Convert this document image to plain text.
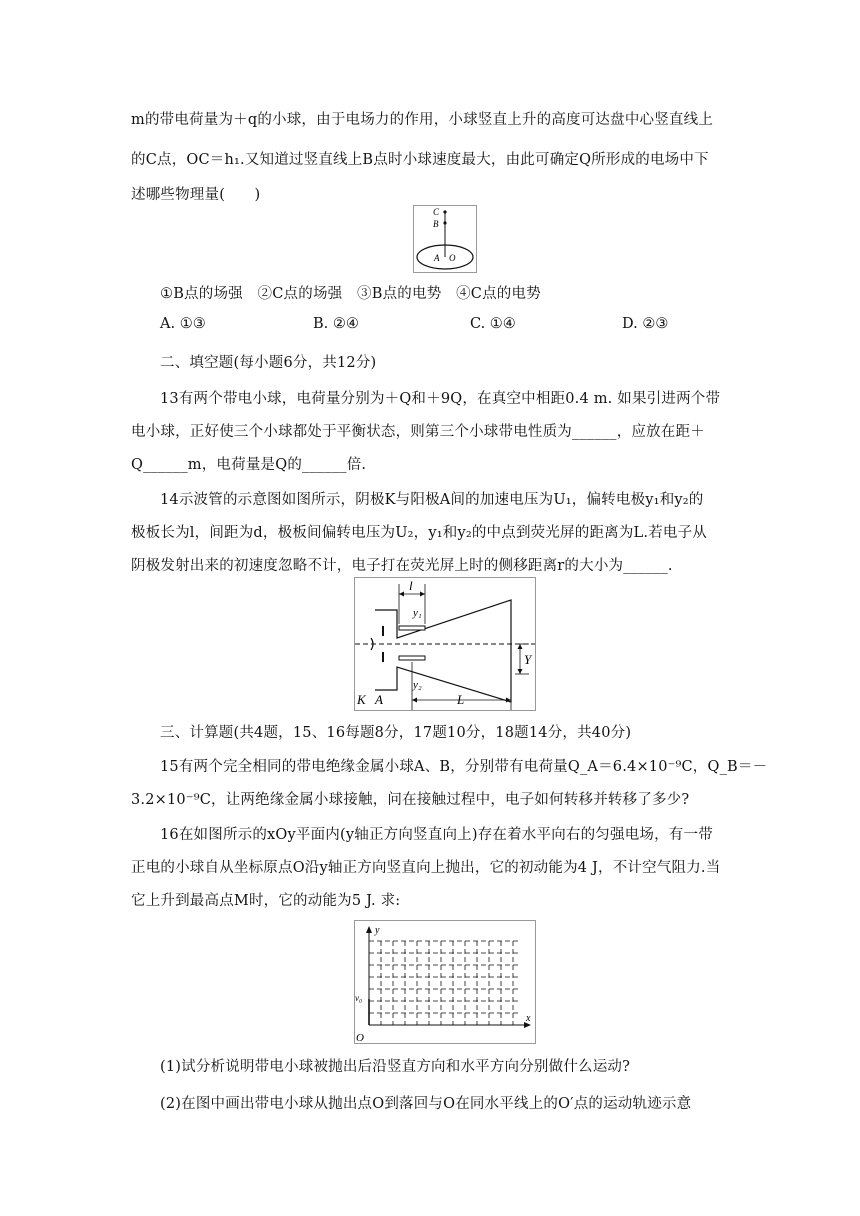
m的带电荷量为＋q的小球，由于电场力的作用，小球竖直上升的高度可达盘中心竖直线上
的C点，OC＝h₁.又知道过竖直线上B点时小球速度最大，由此可确定Q所形成的电场中下
述哪些物理量(　　)
C
B
A O
①B点的场强　②C点的场强　③B点的电势　④C点的电势
A. ①③	B. ②④	C. ①④	D. ②③
二、填空题(每小题6分，共12分)
13有两个带电小球，电荷量分别为＋Q和＋9Q，在真空中相距0.4 m. 如果引进两个带
电小球，正好使三个小球都处于平衡状态，则第三个小球带电性质为______，应放在距＋
Q______m，电荷量是Q的______倍.
14示波管的示意图如图所示，阴极K与阳极A间的加速电压为U₁，偏转电极y₁和y₂的
极板长为l，间距为d，极板间偏转电压为U₂，y₁和y₂的中点到荧光屏的距离为L.若电子从
阴极发射出来的初速度忽略不计，电子打在荧光屏上时的侧移距离r的大小为______.
l
y₁
y₂
Y
K A	L
三、计算题(共4题，15、16每题8分，17题10分，18题14分，共40分)
15有两个完全相同的带电绝缘金属小球A、B，分别带有电荷量Q_A＝6.4×10⁻⁹C，Q_B＝－
3.2×10⁻⁹C，让两绝缘金属小球接触，问在接触过程中，电子如何转移并转移了多少?
16在如图所示的xOy平面内(y轴正方向竖直向上)存在着水平向右的匀强电场，有一带
正电的小球自从坐标原点O沿y轴正方向竖直向上抛出，它的初动能为4 J，不计空气阻力.当
它上升到最高点M时，它的动能为5 J. 求:
y
x
O
v₀
(1)试分析说明带电小球被抛出后沿竖直方向和水平方向分别做什么运动?
(2)在图中画出带电小球从抛出点O到落回与O在同水平线上的O′点的运动轨迹示意
